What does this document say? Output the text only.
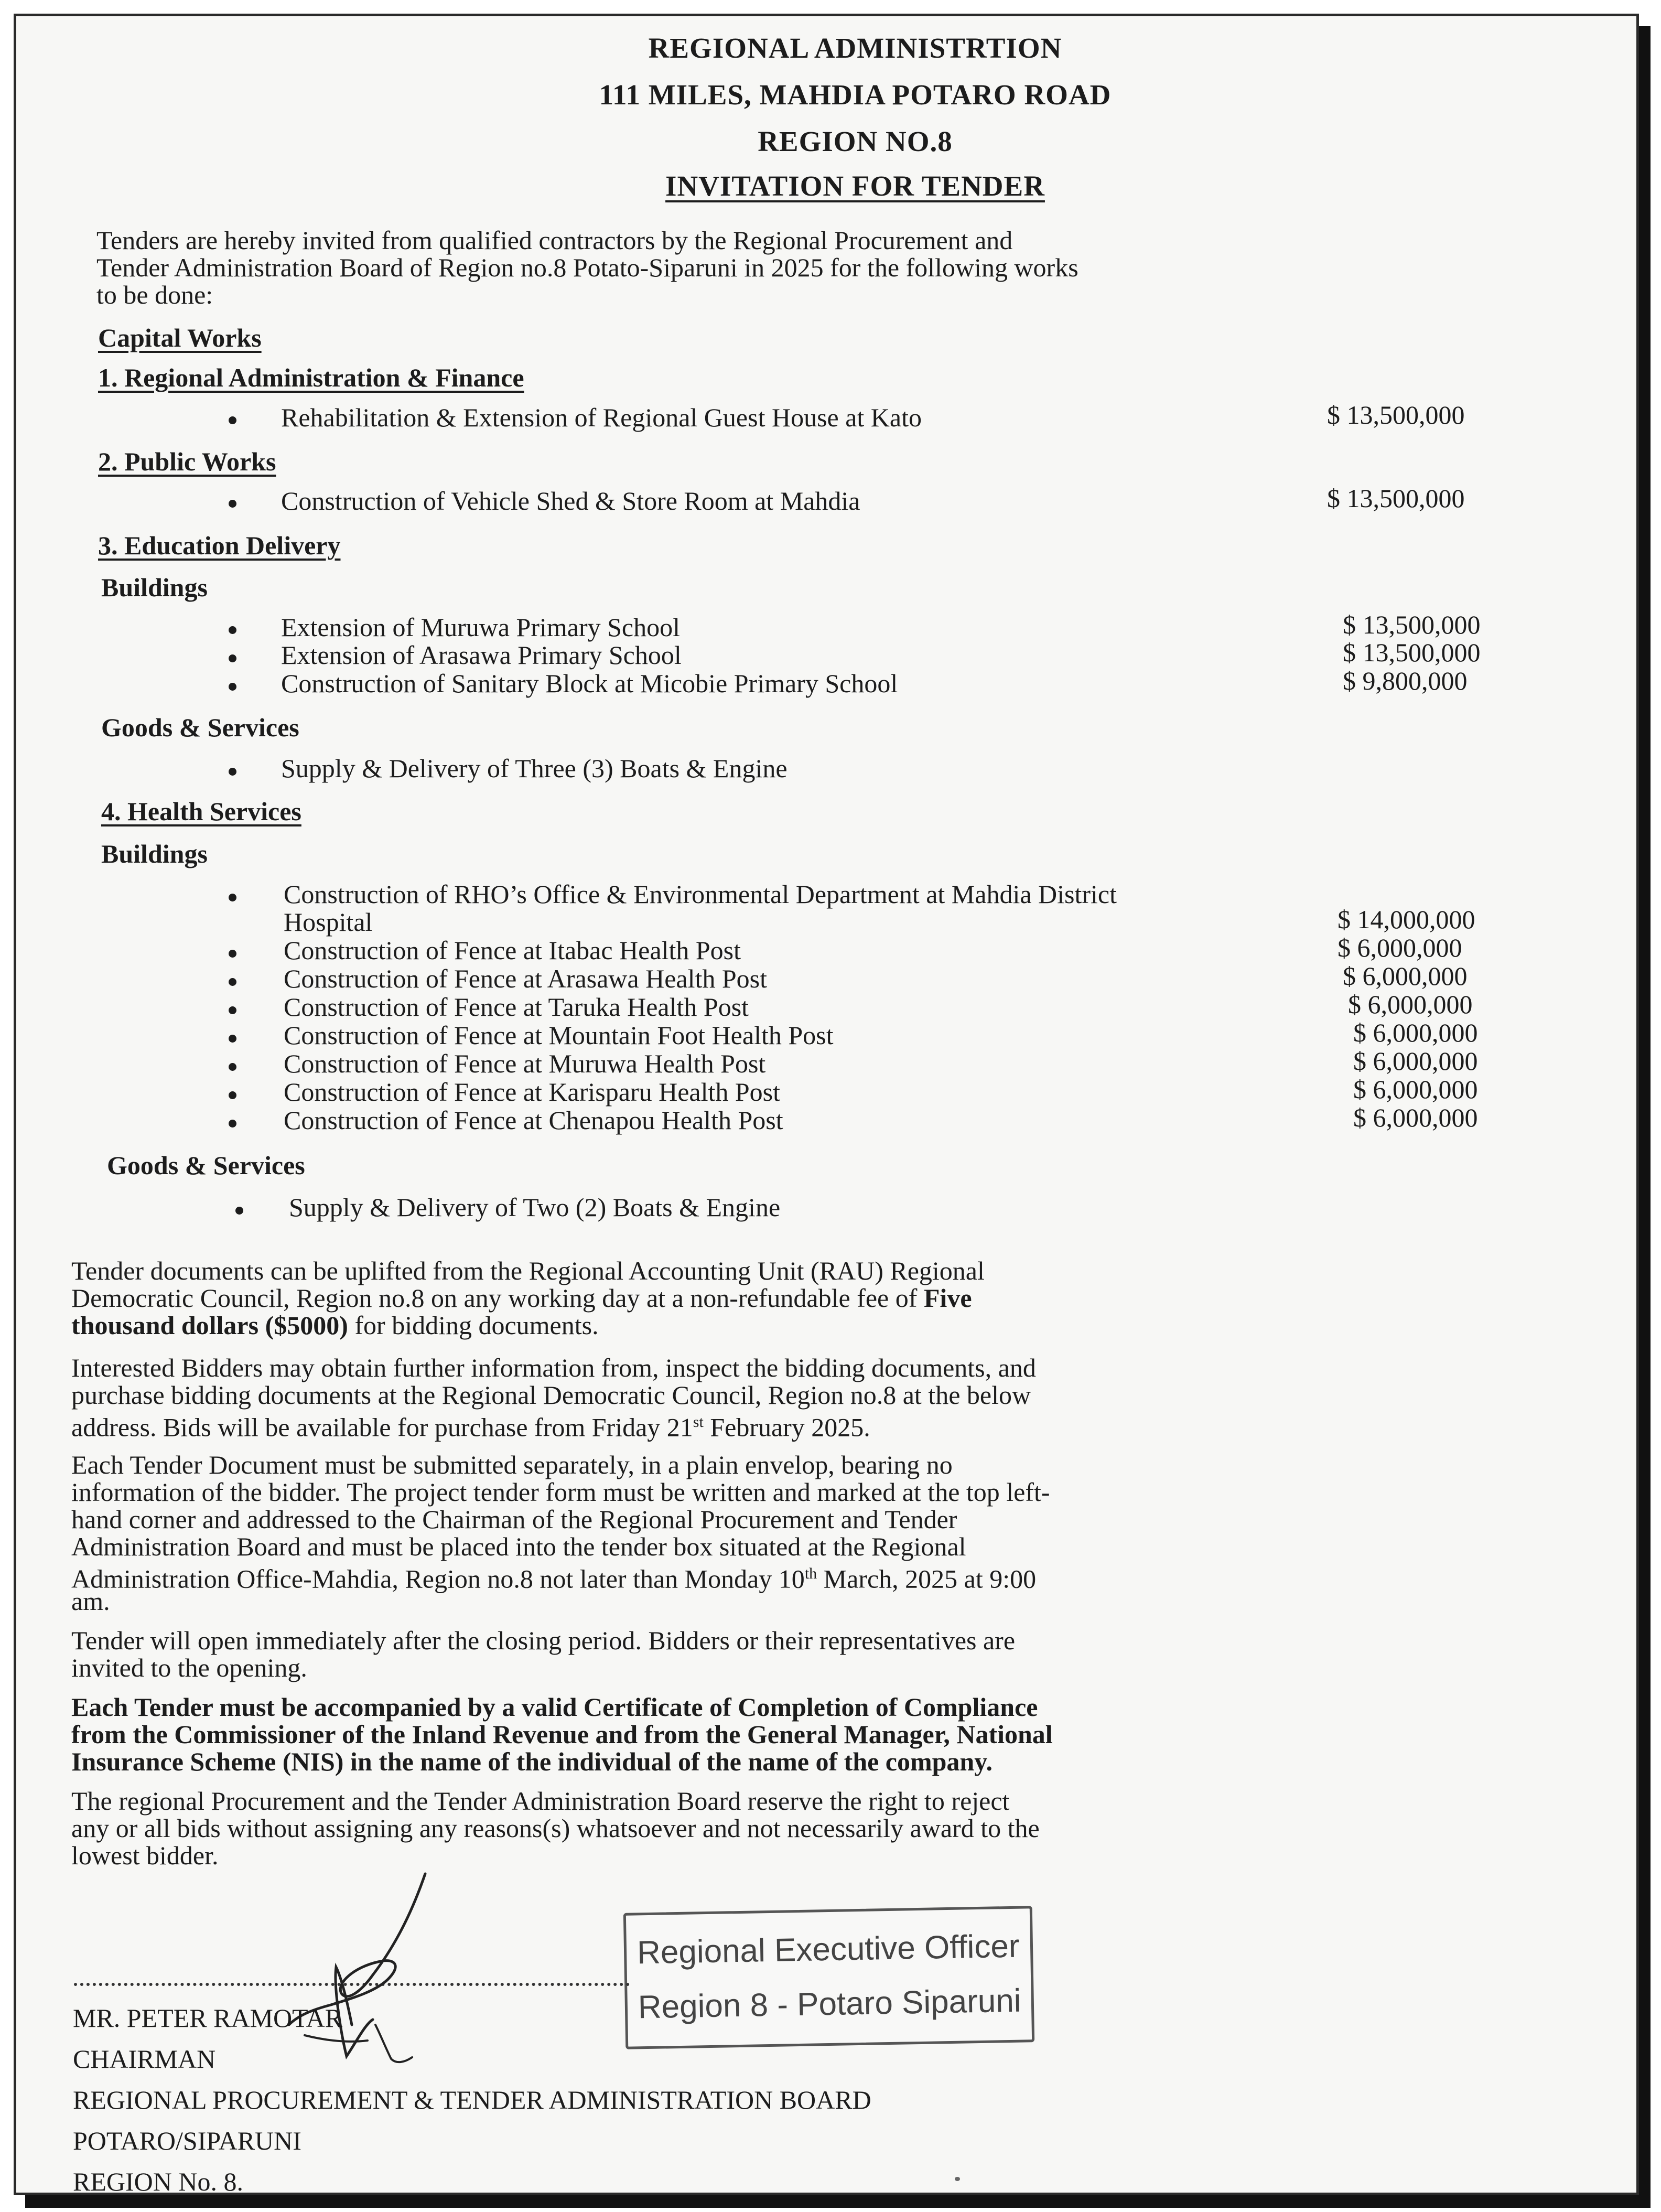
REGIONAL ADMINISTRTION
111 MILES, MAHDIA POTARO ROAD
REGION NO.8
INVITATION FOR TENDER
Tenders are hereby invited from qualified contractors by the Regional Procurement and
Tender Administration Board of Region no.8 Potato-Siparuni in 2025 for the following works
to be done:
Capital Works
1. Regional Administration & Finance
Rehabilitation & Extension of Regional Guest House at Kato	$ 13,500,000
2. Public Works
Construction of Vehicle Shed & Store Room at Mahdia	$ 13,500,000
3. Education Delivery
Buildings
Extension of Muruwa Primary School	$ 13,500,000
Extension of Arasawa Primary School	$ 13,500,000
Construction of Sanitary Block at Micobie Primary School	$ 9,800,000
Goods & Services
Supply & Delivery of Three (3) Boats & Engine
4. Health Services
Buildings
Construction of RHO’s Office & Environmental Department at Mahdia District
Hospital	$ 14,000,000
Construction of Fence at Itabac Health Post	$ 6,000,000
Construction of Fence at Arasawa Health Post	$ 6,000,000
Construction of Fence at Taruka Health Post	$ 6,000,000
Construction of Fence at Mountain Foot Health Post	$ 6,000,000
Construction of Fence at Muruwa Health Post	$ 6,000,000
Construction of Fence at Karisparu Health Post	$ 6,000,000
Construction of Fence at Chenapou Health Post	$ 6,000,000
Goods & Services
Supply & Delivery of Two (2) Boats & Engine
Tender documents can be uplifted from the Regional Accounting Unit (RAU) Regional
Democratic Council, Region no.8 on any working day at a non-refundable fee of Five
thousand dollars ($5000) for bidding documents.
Interested Bidders may obtain further information from, inspect the bidding documents, and
purchase bidding documents at the Regional Democratic Council, Region no.8 at the below
address. Bids will be available for purchase from Friday 21st February 2025.
Each Tender Document must be submitted separately, in a plain envelop, bearing no
information of the bidder. The project tender form must be written and marked at the top left-
hand corner and addressed to the Chairman of the Regional Procurement and Tender
Administration Board and must be placed into the tender box situated at the Regional
Administration Office-Mahdia, Region no.8 not later than Monday 10th March, 2025 at 9:00
am.
Tender will open immediately after the closing period. Bidders or their representatives are
invited to the opening.
Each Tender must be accompanied by a valid Certificate of Completion of Compliance
from the Commissioner of the Inland Revenue and from the General Manager, National
Insurance Scheme (NIS) in the name of the individual of the name of the company.
The regional Procurement and the Tender Administration Board reserve the right to reject
any or all bids without assigning any reasons(s) whatsoever and not necessarily award to the
lowest bidder.
Regional Executive Officer
Region 8 - Potaro Siparuni
MR. PETER RAMOTAR
CHAIRMAN
REGIONAL PROCUREMENT & TENDER ADMINISTRATION BOARD
POTARO/SIPARUNI
REGION No. 8.
